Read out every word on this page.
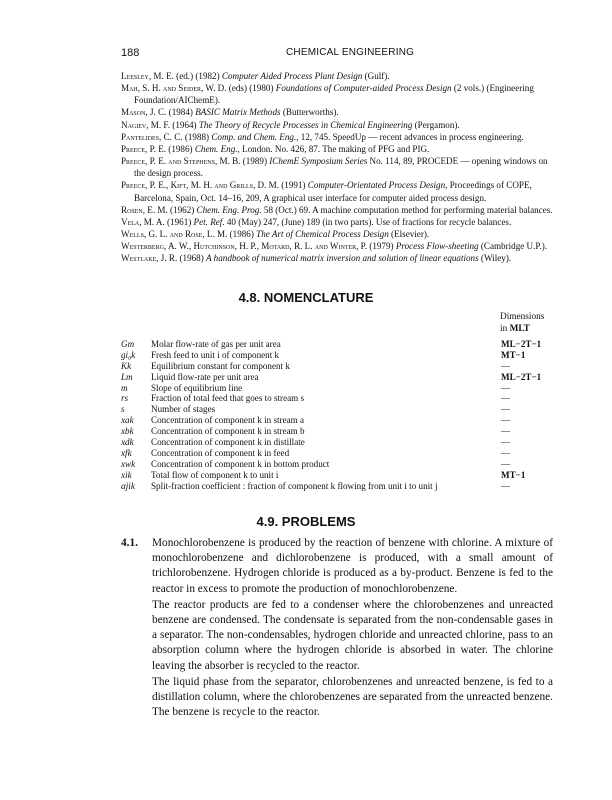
188	CHEMICAL ENGINEERING
Leesley, M. E. (ed.) (1982) Computer Aided Process Plant Design (Gulf).
Mah, S. H. and Seider, W. D. (eds) (1980) Foundations of Computer-aided Process Design (2 vols.) (Engineering Foundation/AIChemE).
Mason, J. C. (1984) BASIC Matrix Methods (Butterworths).
Nagiev, M. F. (1964) The Theory of Recycle Processes in Chemical Engineering (Pergamon).
Pantelides, C. C. (1988) Comp. and Chem. Eng., 12, 745. SpeedUp — recent advances in process engineering.
Preece, P. E. (1986) Chem. Eng., London. No. 426, 87. The making of PFG and PIG.
Preece, P. E. and Stephens, M. B. (1989) IChemE Symposium Series No. 114, 89, PROCEDE — opening windows on the design process.
Preece, P. E., Kift, M. H. and Grills, D. M. (1991) Computer-Orientated Process Design, Proceedings of COPE, Barcelona, Spain, Oct. 14–16, 209, A graphical user interface for computer aided process design.
Rosen, E. M. (1962) Chem. Eng. Prog. 58 (Oct.) 69. A machine computation method for performing material balances.
Vela, M. A. (1961) Pet. Ref. 40 (May) 247, (June) 189 (in two parts). Use of fractions for recycle balances.
Wells, G. L. and Rose, L. M. (1986) The Art of Chemical Process Design (Elsevier).
Westerberg, A. W., Hutchinson, H. P., Motard, R. L. and Winter, P. (1979) Process Flow-sheeting (Cambridge U.P.).
Westlake, J. R. (1968) A handbook of numerical matrix inversion and solution of linear equations (Wiley).
4.8. NOMENCLATURE
Dimensions
in MLT
Gm Molar flow-rate of gas per unit area	ML−2T−1
gi₀k Fresh feed to unit i of component k	MT−1
Kk Equilibrium constant for component k	—
Lm Liquid flow-rate per unit area	ML−2T−1
m	Slope of equilibrium line	—
rs	Fraction of total feed that goes to stream s	—
s	Number of stages	—
xak Concentration of component k in stream a	—
xbk Concentration of component k in stream b	—
xdk Concentration of component k in distillate	—
xfk Concentration of component k in feed	—
xwk Concentration of component k in bottom product	—
xik Total flow of component k to unit i	MT−1
αjik Split-fraction coefficient : fraction of component k flowing from unit i to unit j	—
4.9. PROBLEMS
4.1. Monochlorobenzene is produced by the reaction of benzene with chlorine. A mixture of monochlorobenzene and dichlorobenzene is produced, with a small amount of trichlorobenzene. Hydrogen chloride is produced as a by-product. Benzene is fed to the reactor in excess to promote the production of monochlorobenzene.

The reactor products are fed to a condenser where the chlorobenzenes and unreacted benzene are condensed. The condensate is separated from the non-condensable gases in a separator. The non-condensables, hydrogen chloride and unreacted chlorine, pass to an absorption column where the hydrogen chloride is absorbed in water. The chlorine leaving the absorber is recycled to the reactor.

The liquid phase from the separator, chlorobenzenes and unreacted benzene, is fed to a distillation column, where the chlorobenzenes are separated from the unreacted benzene. The benzene is recycle to the reactor.
